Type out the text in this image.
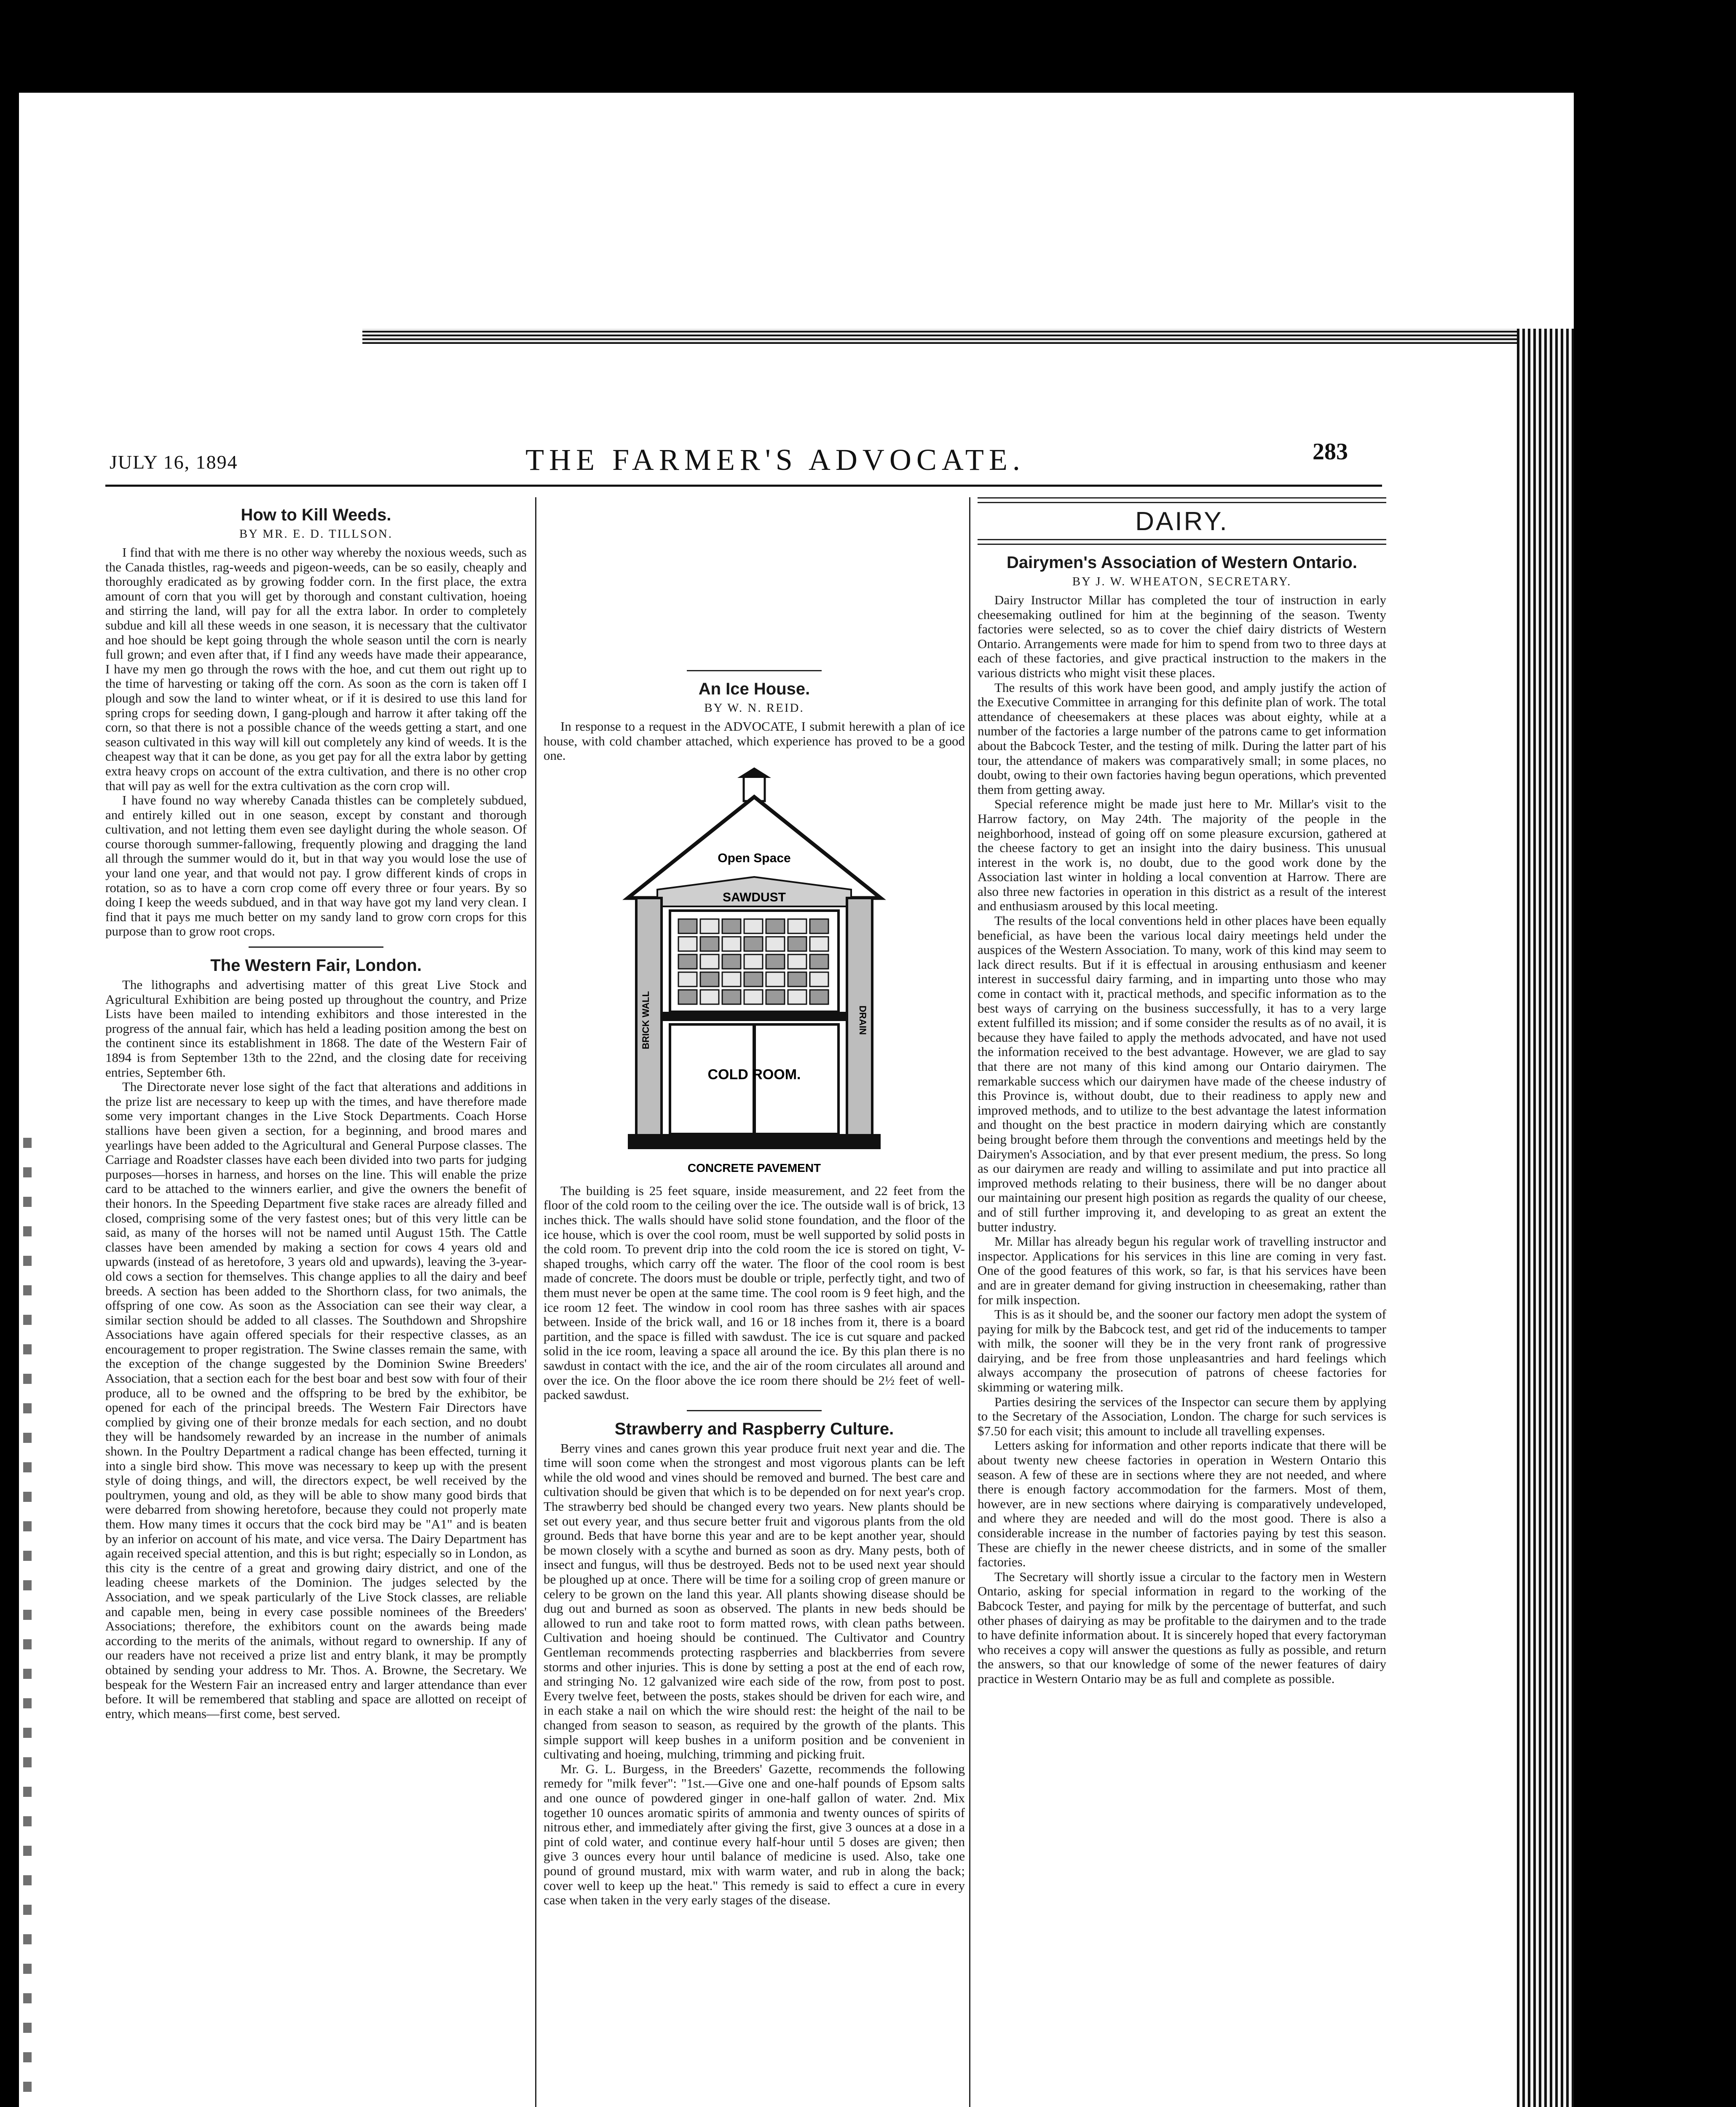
JULY 16, 1894	THE FARMER'S ADVOCATE.	283
How to Kill Weeds.

BY MR. E. D. TILLSON.

I find that with me there is no other way whereby the noxious weeds, such as the Canada thistles, rag-weeds and pigeon-weeds, can be so easily, cheaply and thoroughly eradicated as by growing fodder corn. In the first place, the extra amount of corn that you will get by thorough and constant cultivation, hoeing and stirring the land, will pay for all the extra labor. In order to completely subdue and kill all these weeds in one season, it is necessary that the cultivator and hoe should be kept going through the whole season until the corn is nearly full grown; and even after that, if I find any weeds have made their appearance, I have my men go through the rows with the hoe, and cut them out right up to the time of harvesting or taking off the corn. As soon as the corn is taken off I plough and sow the land to winter wheat, or if it is desired to use this land for spring crops for seeding down, I gang-plough and harrow it after taking off the corn, so that there is not a possible chance of the weeds getting a start, and one season cultivated in this way will kill out completely any kind of weeds. It is the cheapest way that it can be done, as you get pay for all the extra labor by getting extra heavy crops on account of the extra cultivation, and there is no other crop that will pay as well for the extra cultivation as the corn crop will.

I have found no way whereby Canada thistles can be completely subdued, and entirely killed out in one season, except by constant and thorough cultivation, and not letting them even see daylight during the whole season. Of course thorough summer-fallowing, frequently plowing and dragging the land all through the summer would do it, but in that way you would lose the use of your land one year, and that would not pay. I grow different kinds of crops in rotation, so as to have a corn crop come off every three or four years. By so doing I keep the weeds subdued, and in that way have got my land very clean. I find that it pays me much better on my sandy land to grow corn crops for this purpose than to grow root crops.

The Western Fair, London.

The lithographs and advertising matter of this great Live Stock and Agricultural Exhibition are being posted up throughout the country, and Prize Lists have been mailed to intending exhibitors and those interested in the progress of the annual fair, which has held a leading position among the best on the continent since its establishment in 1868. The date of the Western Fair of 1894 is from September 13th to the 22nd, and the closing date for receiving entries, September 6th.

The Directorate never lose sight of the fact that alterations and additions in the prize list are necessary to keep up with the times, and have therefore made some very important changes in the Live Stock Departments. Coach Horse stallions have been given a section, for a beginning, and brood mares and yearlings have been added to the Agricultural and General Purpose classes. The Carriage and Roadster classes have each been divided into two parts for judging purposes—horses in harness, and horses on the line. This will enable the prize card to be attached to the winners earlier, and give the owners the benefit of their honors. In the Speeding Department five stake races are already filled and closed, comprising some of the very fastest ones; but of this very little can be said, as many of the horses will not be named until August 15th. The Cattle classes have been amended by making a section for cows 4 years old and upwards (instead of as heretofore, 3 years old and upwards), leaving the 3-year-old cows a section for themselves. This change applies to all the dairy and beef breeds. A section has been added to the Shorthorn class, for two animals, the offspring of one cow. As soon as the Association can see their way clear, a similar section should be added to all classes. The Southdown and Shropshire Associations have again offered specials for their respective classes, as an encouragement to proper registration. The Swine classes remain the same, with the exception of the change suggested by the Dominion Swine Breeders' Association, that a section each for the best boar and best sow with four of their produce, all to be owned and the offspring to be bred by the exhibitor, be opened for each of the principal breeds. The Western Fair Directors have complied by giving one of their bronze medals for each section, and no doubt they will be handsomely rewarded by an increase in the number of animals shown. In the Poultry Department a radical change has been effected, turning it into a single bird show. This move was necessary to keep up with the present style of doing things, and will, the directors expect, be well received by the poultrymen, young and old, as they will be able to show many good birds that were debarred from showing heretofore, because they could not properly mate them. How many times it occurs that the cock bird may be "A1" and is beaten by an inferior on account of his mate, and vice versa. The Dairy Department has again received special attention, and this is but right; especially so in London, as this city is the centre of a great and growing dairy district, and one of the leading cheese markets of the Dominion. The judges selected by the Association, and we speak particularly of the Live Stock classes, are reliable and capable men, being in every case possible nominees of the Breeders' Associations; therefore, the exhibitors count on the awards being made according to the merits of the animals, without regard to ownership. If any of our readers have not received a prize list and entry blank, it may be promptly obtained by sending your address to Mr. Thos. A. Browne, the Secretary. We bespeak for the Western Fair an increased entry and larger attendance than ever before. It will be remembered that stabling and space are allotted on receipt of entry, which means—first come, best served.

An Ice House.

BY W. N. REID.

In response to a request in the ADVOCATE, I submit herewith a plan of ice house, with cold chamber attached, which experience has proved to be a good one.

Open Space
SAWDUST
BRICK WALL	DRAIN
COLD ROOM.
CONCRETE PAVEMENT

The building is 25 feet square, inside measurement, and 22 feet from the floor of the cold room to the ceiling over the ice. The outside wall is of brick, 13 inches thick. The walls should have solid stone foundation, and the floor of the ice house, which is over the cool room, must be well supported by solid posts in the cold room. To prevent drip into the cold room the ice is stored on tight, V-shaped troughs, which carry off the water. The floor of the cool room is best made of concrete. The doors must be double or triple, perfectly tight, and two of them must never be open at the same time. The cool room is 9 feet high, and the ice room 12 feet. The window in cool room has three sashes with air spaces between. Inside of the brick wall, and 16 or 18 inches from it, there is a board partition, and the space is filled with sawdust. The ice is cut square and packed solid in the ice room, leaving a space all around the ice. By this plan there is no sawdust in contact with the ice, and the air of the room circulates all around and over the ice. On the floor above the ice room there should be 2½ feet of well-packed sawdust.

Strawberry and Raspberry Culture.

Berry vines and canes grown this year produce fruit next year and die. The time will soon come when the strongest and most vigorous plants can be left while the old wood and vines should be removed and burned. The best care and cultivation should be given that which is to be depended on for next year's crop. The strawberry bed should be changed every two years. New plants should be set out every year, and thus secure better fruit and vigorous plants from the old ground. Beds that have borne this year and are to be kept another year, should be mown closely with a scythe and burned as soon as dry. Many pests, both of insect and fungus, will thus be destroyed. Beds not to be used next year should be ploughed up at once. There will be time for a soiling crop of green manure or celery to be grown on the land this year. All plants showing disease should be dug out and burned as soon as observed. The plants in new beds should be allowed to run and take root to form matted rows, with clean paths between. Cultivation and hoeing should be continued. The Cultivator and Country Gentleman recommends protecting raspberries and blackberries from severe storms and other injuries. This is done by setting a post at the end of each row, and stringing No. 12 galvanized wire each side of the row, from post to post. Every twelve feet, between the posts, stakes should be driven for each wire, and in each stake a nail on which the wire should rest: the height of the nail to be changed from season to season, as required by the growth of the plants. This simple support will keep bushes in a uniform position and be convenient in cultivating and hoeing, mulching, trimming and picking fruit.

Mr. G. L. Burgess, in the Breeders' Gazette, recommends the following remedy for "milk fever": "1st.—Give one and one-half pounds of Epsom salts and one ounce of powdered ginger in one-half gallon of water. 2nd. Mix together 10 ounces aromatic spirits of ammonia and twenty ounces of spirits of nitrous ether, and immediately after giving the first, give 3 ounces at a dose in a pint of cold water, and continue every half-hour until 5 doses are given; then give 3 ounces every hour until balance of medicine is used. Also, take one pound of ground mustard, mix with warm water, and rub in along the back; cover well to keep up the heat." This remedy is said to effect a cure in every case when taken in the very early stages of the disease.

DAIRY.
Dairymen's Association of Western Ontario.

BY J. W. WHEATON, SECRETARY.

Dairy Instructor Millar has completed the tour of instruction in early cheesemaking outlined for him at the beginning of the season. Twenty factories were selected, so as to cover the chief dairy districts of Western Ontario. Arrangements were made for him to spend from two to three days at each of these factories, and give practical instruction to the makers in the various districts who might visit these places.

The results of this work have been good, and amply justify the action of the Executive Committee in arranging for this definite plan of work. The total attendance of cheesemakers at these places was about eighty, while at a number of the factories a large number of the patrons came to get information about the Babcock Tester, and the testing of milk. During the latter part of his tour, the attendance of makers was comparatively small; in some places, no doubt, owing to their own factories having begun operations, which prevented them from getting away.

Special reference might be made just here to Mr. Millar's visit to the Harrow factory, on May 24th. The majority of the people in the neighborhood, instead of going off on some pleasure excursion, gathered at the cheese factory to get an insight into the dairy business. This unusual interest in the work is, no doubt, due to the good work done by the Association last winter in holding a local convention at Harrow. There are also three new factories in operation in this district as a result of the interest and enthusiasm aroused by this local meeting.

The results of the local conventions held in other places have been equally beneficial, as have been the various local dairy meetings held under the auspices of the Western Association. To many, work of this kind may seem to lack direct results. But if it is effectual in arousing enthusiasm and keener interest in successful dairy farming, and in imparting unto those who may come in contact with it, practical methods, and specific information as to the best ways of carrying on the business successfully, it has to a very large extent fulfilled its mission; and if some consider the results as of no avail, it is because they have failed to apply the methods advocated, and have not used the information received to the best advantage. However, we are glad to say that there are not many of this kind among our Ontario dairymen. The remarkable success which our dairymen have made of the cheese industry of this Province is, without doubt, due to their readiness to apply new and improved methods, and to utilize to the best advantage the latest information and thought on the best practice in modern dairying which are constantly being brought before them through the conventions and meetings held by the Dairymen's Association, and by that ever present medium, the press. So long as our dairymen are ready and willing to assimilate and put into practice all improved methods relating to their business, there will be no danger about our maintaining our present high position as regards the quality of our cheese, and of still further improving it, and developing to as great an extent the butter industry.

Mr. Millar has already begun his regular work of travelling instructor and inspector. Applications for his services in this line are coming in very fast. One of the good features of this work, so far, is that his services have been and are in greater demand for giving instruction in cheesemaking, rather than for milk inspection.

This is as it should be, and the sooner our factory men adopt the system of paying for milk by the Babcock test, and get rid of the inducements to tamper with milk, the sooner will they be in the very front rank of progressive dairying, and be free from those unpleasantries and hard feelings which always accompany the prosecution of patrons of cheese factories for skimming or watering milk.

Parties desiring the services of the Inspector can secure them by applying to the Secretary of the Association, London. The charge for such services is $7.50 for each visit; this amount to include all travelling expenses.

Letters asking for information and other reports indicate that there will be about twenty new cheese factories in operation in Western Ontario this season. A few of these are in sections where they are not needed, and where there is enough factory accommodation for the farmers. Most of them, however, are in new sections where dairying is comparatively undeveloped, and where they are needed and will do the most good. There is also a considerable increase in the number of factories paying by test this season. These are chiefly in the newer cheese districts, and in some of the smaller factories.

The Secretary will shortly issue a circular to the factory men in Western Ontario, asking for special information in regard to the working of the Babcock Tester, and paying for milk by the percentage of butterfat, and such other phases of dairying as may be profitable to the dairymen and to the trade to have definite information about. It is sincerely hoped that every factoryman who receives a copy will answer the questions as fully as possible, and return the answers, so that our knowledge of some of the newer features of dairy practice in Western Ontario may be as full and complete as possible.
